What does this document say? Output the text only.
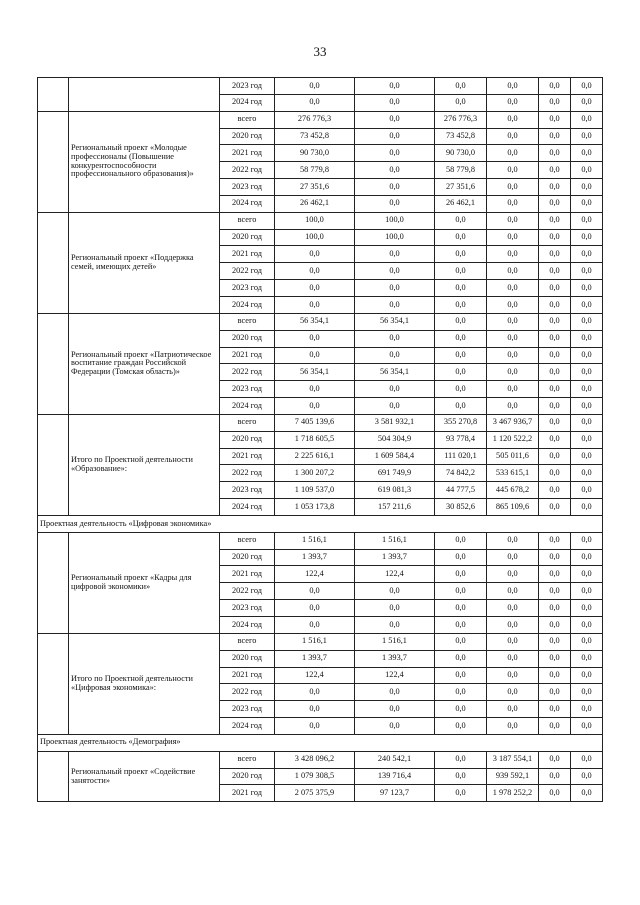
33
		2023 год	0,0	0,0	0,0	0,0	0,0	0,0
		2024 год	0,0	0,0	0,0	0,0	0,0	0,0
	Региональный проект «Молодые профессионалы (Повышение конкурентоспособности профессионального образования)»	всего	276 776,3	0,0	276 776,3	0,0	0,0	0,0
		2020 год	73 452,8	0,0	73 452,8	0,0	0,0	0,0
		2021 год	90 730,0	0,0	90 730,0	0,0	0,0	0,0
		2022 год	58 779,8	0,0	58 779,8	0,0	0,0	0,0
		2023 год	27 351,6	0,0	27 351,6	0,0	0,0	0,0
		2024 год	26 462,1	0,0	26 462,1	0,0	0,0	0,0
	Региональный проект «Поддержка семей, имеющих детей»	всего	100,0	100,0	0,0	0,0	0,0	0,0
		2020 год	100,0	100,0	0,0	0,0	0,0	0,0
		2021 год	0,0	0,0	0,0	0,0	0,0	0,0
		2022 год	0,0	0,0	0,0	0,0	0,0	0,0
		2023 год	0,0	0,0	0,0	0,0	0,0	0,0
		2024 год	0,0	0,0	0,0	0,0	0,0	0,0
	Региональный проект «Патриотическое воспитание граждан Российской Федерации (Томская область)»	всего	56 354,1	56 354,1	0,0	0,0	0,0	0,0
		2020 год	0,0	0,0	0,0	0,0	0,0	0,0
		2021 год	0,0	0,0	0,0	0,0	0,0	0,0
		2022 год	56 354,1	56 354,1	0,0	0,0	0,0	0,0
		2023 год	0,0	0,0	0,0	0,0	0,0	0,0
		2024 год	0,0	0,0	0,0	0,0	0,0	0,0
	Итого по Проектной деятельности «Образование»:	всего	7 405 139,6	3 581 932,1	355 270,8	3 467 936,7	0,0	0,0
		2020 год	1 718 605,5	504 304,9	93 778,4	1 120 522,2	0,0	0,0
		2021 год	2 225 616,1	1 609 584,4	111 020,1	505 011,6	0,0	0,0
		2022 год	1 300 207,2	691 749,9	74 842,2	533 615,1	0,0	0,0
		2023 год	1 109 537,0	619 081,3	44 777,5	445 678,2	0,0	0,0
		2024 год	1 053 173,8	157 211,6	30 852,6	865 109,6	0,0	0,0
Проектная деятельность «Цифровая экономика»								
	Региональный проект «Кадры для цифровой экономики»	всего	1 516,1	1 516,1	0,0	0,0	0,0	0,0
		2020 год	1 393,7	1 393,7	0,0	0,0	0,0	0,0
		2021 год	122,4	122,4	0,0	0,0	0,0	0,0
		2022 год	0,0	0,0	0,0	0,0	0,0	0,0
		2023 год	0,0	0,0	0,0	0,0	0,0	0,0
		2024 год	0,0	0,0	0,0	0,0	0,0	0,0
	Итого по Проектной деятельности «Цифровая экономика»:	всего	1 516,1	1 516,1	0,0	0,0	0,0	0,0
		2020 год	1 393,7	1 393,7	0,0	0,0	0,0	0,0
		2021 год	122,4	122,4	0,0	0,0	0,0	0,0
		2022 год	0,0	0,0	0,0	0,0	0,0	0,0
		2023 год	0,0	0,0	0,0	0,0	0,0	0,0
		2024 год	0,0	0,0	0,0	0,0	0,0	0,0
Проектная деятельность «Демография»								
	Региональный проект «Содействие занятости»	всего	3 428 096,2	240 542,1	0,0	3 187 554,1	0,0	0,0
		2020 год	1 079 308,5	139 716,4	0,0	939 592,1	0,0	0,0
		2021 год	2 075 375,9	97 123,7	0,0	1 978 252,2	0,0	0,0
